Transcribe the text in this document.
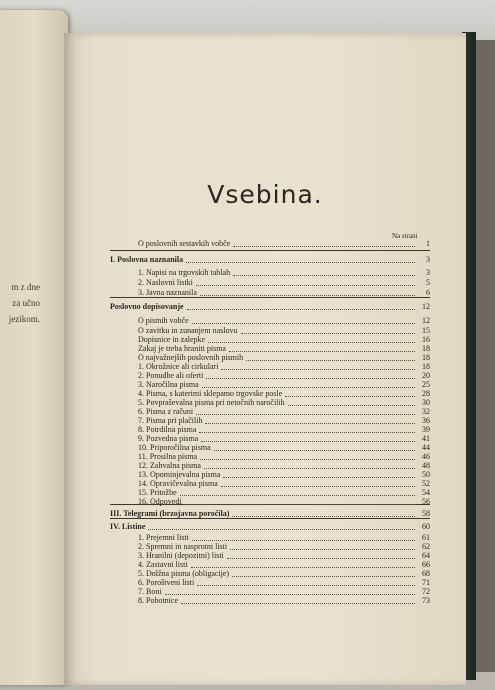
m z dne
za učno
jezikom.
Vsebina.
Na strani
O poslovnih sestavkih vobče	1
I. Poslovna naznanila	3
1. Napisi na trgovskih tablah	3
2. Naslovni listki	5
3. Javna naznanila	6
Poslovno dopisovanje	12
O pismih vobče	12
O zavitku in zunanjem naslovu	15
Dopisnice in zalepke	16
Zakaj je treba hraniti pisma	18
O najvažnejših poslovnih pismih	18
1. Okrožnice ali cirkulari	18
2. Ponudbe ali oferti	20
3. Naročilna pisma	25
4. Pisma, s katerimi sklepamo trgovske posle	28
5. Povpraševalna pisma pri netočnih naročilih	30
6. Pisma z računi	32
7. Pisma pri plačilih	36
8. Potrdilna pisma	39
9. Pozvedna pisma	41
10. Priporočilna pisma	44
11. Prosilna pisma	46
12. Zahvalna pisma	48
13. Opominjevalna pisma	50
14. Opravičevalna pisma	52
15. Pritožbe	54
16. Odpovedi	56
III. Telegrami (brzojavna poročila)	58
IV. Listine	60
1. Prejemni listi	61
2. Spremni in nasprotni listi	62
3. Hranilni (depozitni) listi	64
4. Zastavni listi	66
5. Dolžna pisma (obligacije)	68
6. Poroštveni listi	71
7. Boni	72
8. Pobotnice	73
